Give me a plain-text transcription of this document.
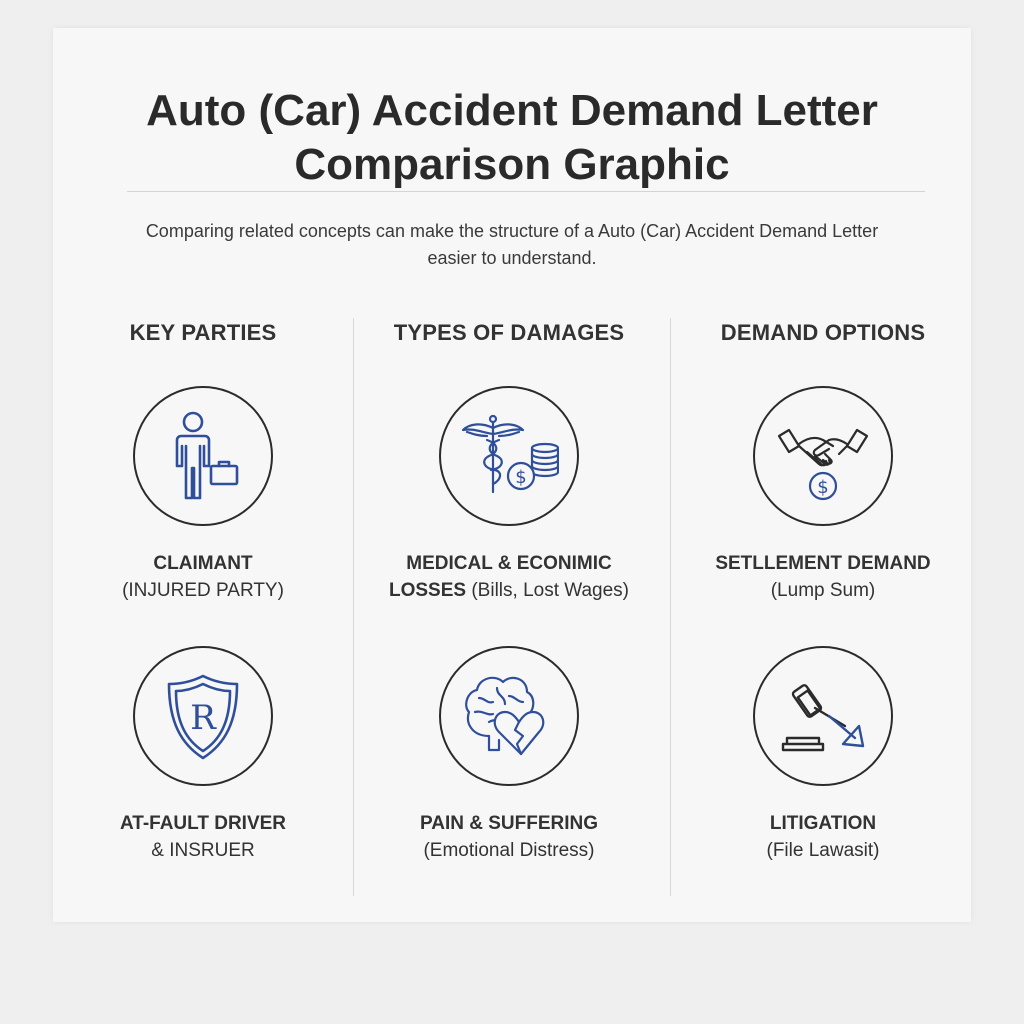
Auto (Car) Accident Demand Letter
Comparison Graphic

Comparing related concepts can make the structure of a Auto (Car) Accident Demand Letter
easier to understand.

KEY PARTIES
CLAIMANT
(INJURED PARTY)
R
AT-FAULT DRIVER
& INSRUER
TYPES OF DAMAGES
$
MEDICAL & ECONIMIC
LOSSES (Bills, Lost Wages)
PAIN & SUFFERING
(Emotional Distress)
DEMAND OPTIONS
$
SETLLEMENT DEMAND
(Lump Sum)
LITIGATION
(File Lawasit)
